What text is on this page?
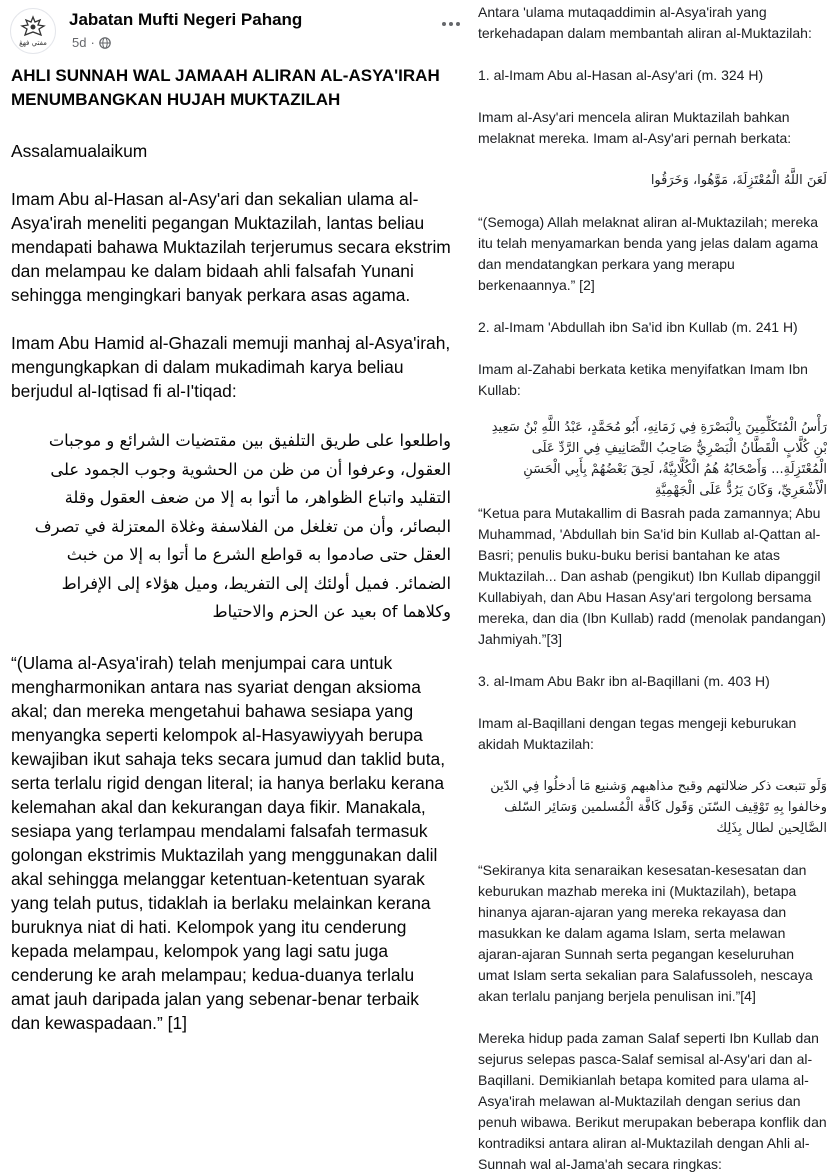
مفتي فهڠ
Jabatan Mufti Negeri Pahang
5d ·
AHLI SUNNAH WAL JAMAAH ALIRAN AL-ASYA'IRAH MENUMBANGKAN HUJAH MUKTAZILAH

Assalamualaikum

Imam Abu al-Hasan al-Asy'ari dan sekalian ulama al-Asya'irah meneliti pegangan Muktazilah, lantas beliau mendapati bahawa Muktazilah terjerumus secara ekstrim dan melampau ke dalam bidaah ahli falsafah Yunani sehingga mengingkari banyak perkara asas agama.

Imam Abu Hamid al-Ghazali memuji manhaj al-Asya'irah, mengungkapkan di dalam mukadimah karya beliau berjudul al-Iqtisad fi al-I'tiqad:

واطلعوا على طريق التلفيق بين مقتضيات الشرائع و موجبات العقول، وعرفوا أن من ظن من الحشوية وجوب الجمود على التقليد واتباع الظواهر، ما أتوا به إلا من ضعف العقول وقلة البصائر، وأن من تغلغل من الفلاسفة وغلاة المعتزلة في تصرف العقل حتى صادموا به قواطع الشرع ما أتوا به إلا من خبث الضمائر. فميل أولئك إلى التفريط، وميل هؤلاء إلى الإفراط وكلاهما of بعيد عن الحزم والاحتياط

“(Ulama al-Asya'irah) telah menjumpai cara untuk mengharmonikan antara nas syariat dengan aksioma akal; dan mereka mengetahui bahawa sesiapa yang menyangka seperti kelompok al-Hasyawiyyah berupa kewajiban ikut sahaja teks secara jumud dan taklid buta, serta terlalu rigid dengan literal; ia hanya berlaku kerana kelemahan akal dan kekurangan daya fikir. Manakala, sesiapa yang terlampau mendalami falsafah termasuk golongan ekstrimis Muktazilah yang menggunakan dalil akal sehingga melanggar ketentuan-ketentuan syarak yang telah putus, tidaklah ia berlaku melainkan kerana buruknya niat di hati. Kelompok yang itu cenderung kepada melampau, kelompok yang lagi satu juga cenderung ke arah melampau; kedua-duanya terlalu amat jauh daripada jalan yang sebenar-benar terbaik dan kewaspadaan.” [1]

Antara 'ulama mutaqaddimin al-Asya'irah yang terkehadapan dalam membantah aliran al-Muktazilah:

1. al-Imam Abu al-Hasan al-Asy'ari (m. 324 H)

Imam al-Asy'ari mencela aliran Muktazilah bahkan melaknat mereka. Imam al-Asy'ari pernah berkata:

لَعَنَ اللَّهُ الْمُعْتَزِلَةَ، مَوَّهُوا، وَخَرَقُوا

“(Semoga) Allah melaknat aliran al-Muktazilah; mereka itu telah menyamarkan benda yang jelas dalam agama dan mendatangkan perkara yang merapu berkenaannya.” [2]

2. al-Imam 'Abdullah ibn Sa'id ibn Kullab (m. 241 H)

Imam al-Zahabi berkata ketika menyifatkan Imam Ibn Kullab:

رَأْسُ الْمُتَكَلِّمِينَ بِالْبَصْرَةِ فِي زَمَانِهِ، أَبُو مُحَمَّدٍ، عَبْدُ اللَّهِ بْنُ سَعِيدِ بْنِ كُلَّابٍ الْقَطَّانُ الْبَصْرِيُّ صَاحِبُ التَّصَانِيفِ فِي الرَّدِّ عَلَى الْمُعْتَزِلَةِ... وَأَصْحَابُهُ هُمُ الْكُلَّابِيَّةُ، لَحِقَ بَعْضُهُمْ بِأَبِي الْحَسَنِ الْأَشْعَرِيِّ، وَكَانَ يَرُدُّ عَلَى الْجَهْمِيَّةِ

“Ketua para Mutakallim di Basrah pada zamannya; Abu Muhammad, 'Abdullah bin Sa'id bin Kullab al-Qattan al-Basri; penulis buku-buku berisi bantahan ke atas Muktazilah... Dan ashab (pengikut) Ibn Kullab dipanggil Kullabiyah, dan Abu Hasan Asy'ari tergolong bersama mereka, dan dia (Ibn Kullab) radd (menolak pandangan) Jahmiyah.”[3]

3. al-Imam Abu Bakr ibn al-Baqillani (m. 403 H)

Imam al-Baqillani dengan tegas mengeji keburukan akidah Muktazilah:

وَلَو تتبعت ذكر ضلالتهم وقبح مذاهبهم وَشنيع مَا أدخلُوا فِي الدّين وخالفوا بِهِ تَوْقِيف السّنَن وَقَول كَافَّة الْمُسلمين وَسَائِر السّلف الصَّالِحين لطال بِذَلِك

“Sekiranya kita senaraikan kesesatan-kesesatan dan keburukan mazhab mereka ini (Muktazilah), betapa hinanya ajaran-ajaran yang mereka rekayasa dan masukkan ke dalam agama Islam, serta melawan ajaran-ajaran Sunnah serta pegangan keseluruhan umat Islam serta sekalian para Salafussoleh, nescaya akan terlalu panjang berjela penulisan ini.”[4]

Mereka hidup pada zaman Salaf seperti Ibn Kullab dan sejurus selepas pasca-Salaf semisal al-Asy'ari dan al-Baqillani. Demikianlah betapa komited para ulama al-Asya'irah melawan al-Muktazilah dengan serius dan penuh wibawa. Berikut merupakan beberapa konflik dan kontradiksi antara aliran al-Muktazilah dengan Ahli al-Sunnah wal al-Jama'ah secara ringkas:
